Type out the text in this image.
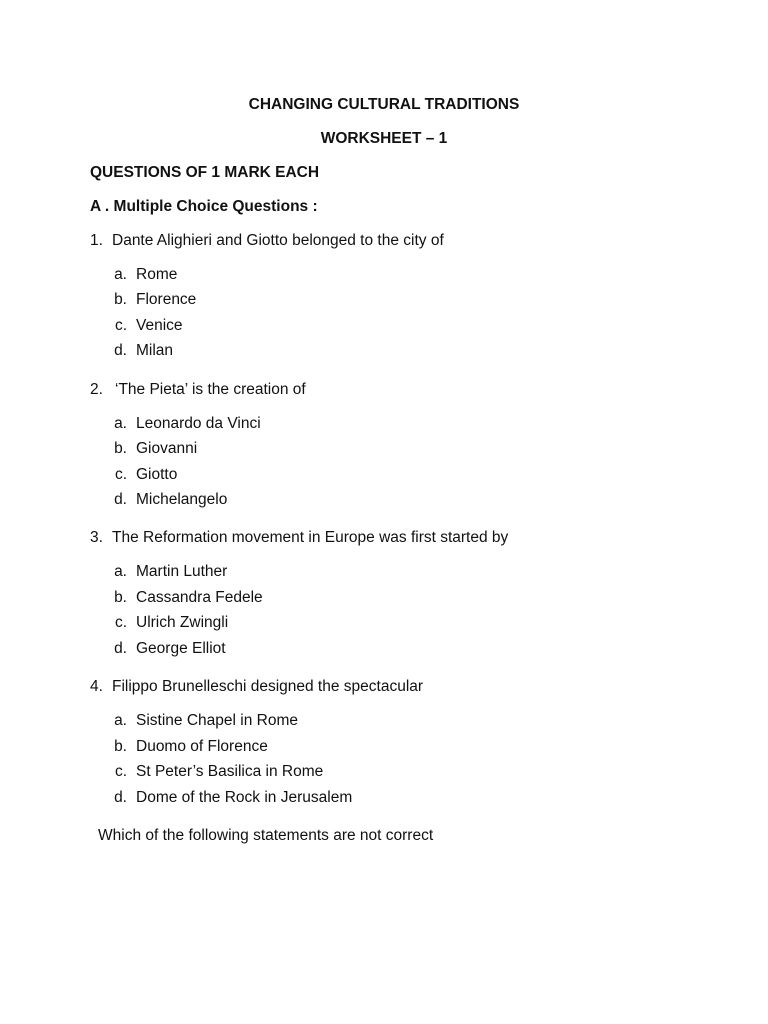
CHANGING CULTURAL TRADITIONS
WORKSHEET – 1
QUESTIONS OF 1 MARK EACH
A . Multiple Choice Questions :
1. Dante Alighieri and Giotto belonged to the city of
a. Rome
b. Florence
c. Venice
d. Milan
2. ‘The Pieta’ is the creation of
a. Leonardo da Vinci
b. Giovanni
c. Giotto
d. Michelangelo
3. The Reformation movement in Europe was first started by
a. Martin Luther
b. Cassandra Fedele
c. Ulrich Zwingli
d. George Elliot
4. Filippo Brunelleschi designed the spectacular
a. Sistine Chapel in Rome
b. Duomo of Florence
c. St Peter’s Basilica in Rome
d. Dome of the Rock in Jerusalem
Which of the following statements are not correct
